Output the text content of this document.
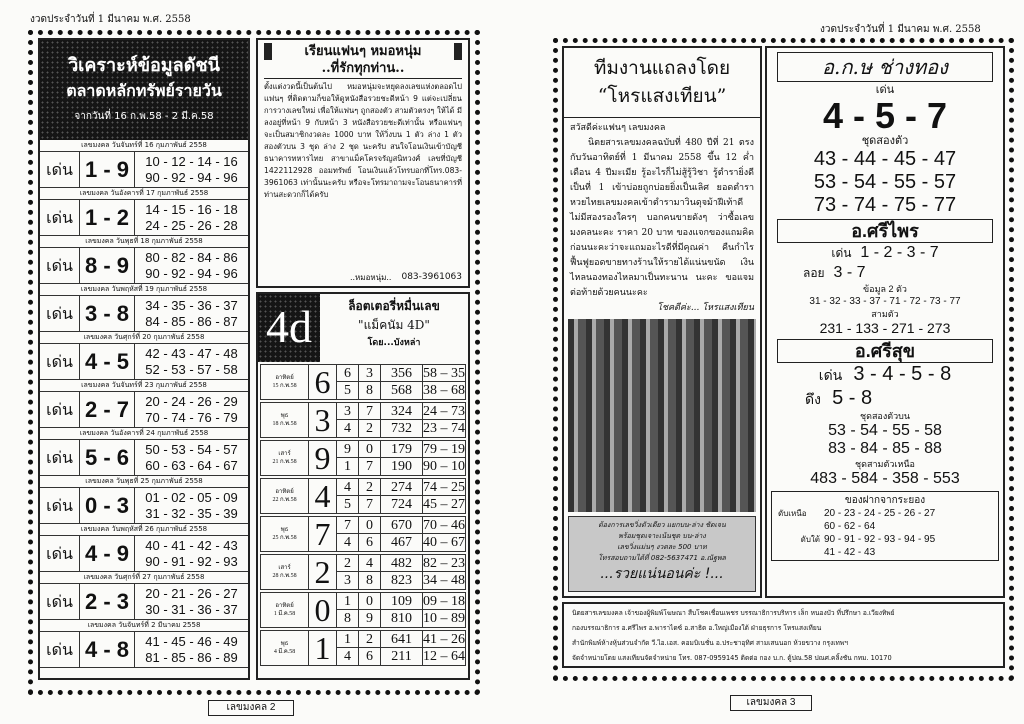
งวดประจำวันที่ 1 มีนาคม พ.ศ. 2558
วิเคราะห์ข้อมูลดัชนี
ตลาดหลักทรัพย์รายวัน
จากวันที่ 16 ก.พ.58 - 2 มี.ค.58
เลขมงคล วันจันทร์ที่ 16 กุมภาพันธ์ 2558
เด่น 1 - 9	10 - 12 - 14 - 16
90 - 92 - 94 - 96
เลขมงคล วันอังคารที่ 17 กุมภาพันธ์ 2558
เด่น 1 - 2	14 - 15 - 16 - 18
24 - 25 - 26 - 28
เลขมงคล วันพุธที่ 18 กุมภาพันธ์ 2558
เด่น 8 - 9	80 - 82 - 84 - 86
90 - 92 - 94 - 96
เลขมงคล วันพฤหัสที่ 19 กุมภาพันธ์ 2558
เด่น 3 - 8	34 - 35 - 36 - 37
84 - 85 - 86 - 87
เลขมงคล วันศุกร์ที่ 20 กุมภาพันธ์ 2558
เด่น 4 - 5	42 - 43 - 47 - 48
52 - 53 - 57 - 58
เลขมงคล วันจันทร์ที่ 23 กุมภาพันธ์ 2558
เด่น 2 - 7	20 - 24 - 26 - 29
70 - 74 - 76 - 79
เลขมงคล วันอังคารที่ 24 กุมภาพันธ์ 2558
เด่น 5 - 6	50 - 53 - 54 - 57
60 - 63 - 64 - 67
เลขมงคล วันพุธที่ 25 กุมภาพันธ์ 2558
เด่น 0 - 3	01 - 02 - 05 - 09
31 - 32 - 35 - 39
เลขมงคล วันพฤหัสที่ 26 กุมภาพันธ์ 2558
เด่น 4 - 9	40 - 41 - 42 - 43
90 - 91 - 92 - 93
เลขมงคล วันศุกร์ที่ 27 กุมภาพันธ์ 2558
เด่น 2 - 3	20 - 21 - 26 - 27
30 - 31 - 36 - 37
เลขมงคล วันจันทร์ที่ 2 มีนาคม 2558
เด่น 4 - 8	41 - 45 - 46 - 49
81 - 85 - 86 - 89
เรียนแฟนๆ หมอหนุ่ม
..ที่รักทุกท่าน..
ตั้งแต่งวดนี้เป็นต้นไป หมอหนุ่มจะหยุดลงเลขแห่งตลอดไป แฟนๆ ที่ติดตามก็ขอให้ดูหนังสือรวยชะดีหน้า 9 แต่จะเปลี่ยนการวางเลขใหม่ เพื่อให้แฟนๆ ถูกสองตัว สามตัวตรงๆ ให้ได้ มีลงอยู่ที่หน้า 9 กับหน้า 3 หนังสือรวยชะดีเท่านั้น หรือแฟนๆ จะเป็นสมาชิกงวดละ 1000 บาท ให้วิ่งบน 1 ตัว ล่าง 1 ตัว สองตัวบน 3 ชุด ล่าง 2 ชุด นะครับ สนใจโอนเงินเข้าบัญชีธนาคารทหารไทย สาขาแม็คโครจรัญสนิทวงศ์ เลขที่บัญชี 1422112928 ออมทรัพย์ โอนเงินแล้วโทรบอกที่โทร.083-3961063 เท่านั้นนะครับ หรือจะโทรมาถามจะโอนธนาคารที่ท่านสะดวกก็ได้ครับ
..หมอหนุ่ม.. 083-3961063
4d	ล็อตเตอรี่หมื่นเลข
"แม็คนัม 4D"
โดย...บังหล่า
อาทิตย์
15 ก.พ.58 6 6	3	356 58 – 35
5	8	568 38 – 68
พุธ
18 ก.พ.58 3 3	7	324 24 – 73
4	2	732 23 – 74
เสาร์
21 ก.พ.58 9 9	0	179 79 – 19
1	7	190 90 – 10
อาทิตย์
22 ก.พ.58 4 4	2	274 74 – 25
5	7	724 45 – 27
พุธ
25 ก.พ.58 7 7	0	670 70 – 46
4	6	467 40 – 67
เสาร์
28 ก.พ.58 2 2	4	482 82 – 23
3	8	823 34 – 48
อาทิตย์
1 มี.ค.58 0 1	0	109 09 – 18
8	9	810 10 – 89
พุธ
4 มี.ค.58 1 1	2	641 41 – 26
4	6	211 12 – 64
เลขมงคล 2
งวดประจำวันที่ 1 มีนาคม พ.ศ. 2558
ทีมงานแถลงโดย
“โหรแสงเทียน”
สวัสดีค่ะแฟนๆ เลขมงคล
นิตยสารเลขมงคลฉบับที่ 480 ปีที่ 21 ตรงกับวันอาทิตย์ที่ 1 มีนาคม 2558 ขึ้น 12 ค่ำ เดือน 4 ปีมะเมีย รู้อะไรก็ไม่สู้รู้วิชา รู้ตำรายิ่งดีเป็นที่ 1 เข้าบ่อยถูกบ่อยยิ่งเป็นเลิศ ยอดตำราหวยไทยเลขมงคลเข้าตำรามาวินดุจม้าฝีเท้าดีไม่มีสองรองใครๆ บอกคนขายดังๆ ว่าซื้อเลขมงคลนะคะ ราคา 20 บาท ของแจกของแถมคิดก่อนนะคะว่าจะแถมอะไรดีที่มีคุณค่า คืนกำไรฟื้นฟูยอดขายทางร้านให้รายได้แน่นขนัด เงินไหลนองทองไหลมาเป็นทะนาน นะคะ ขอแจมต่อท้ายด้วยคนนะคะ
โชคดีค่ะ... โหรแสงเทียน
ต้องการเลขวิ่งตัวเดียว แยกบน-ล่าง ชัดเจน
พร้อมชุดเจาะเน้นชุด บน-ล่าง
เลขวิ่งแม่นๆ งวดละ 500 บาท
โทรสอบถามได้ที่ 082-5637471 อ.ณัฐพล
...รวยแน่นอนค่ะ !...
อ.ก.ษ ช่างทอง
เด่น
4 - 5 - 7
ชุดสองตัว
43 - 44 - 45 - 47
53 - 54 - 55 - 57
73 - 74 - 75 - 77
อ.ศรีไพร
เด่น 1 - 2 - 3 - 7
ลอย 3 - 7
ข้อมูล 2 ตัว
31 - 32 - 33 - 37 - 71 - 72 - 73 - 77
สามตัว
231 - 133 - 271 - 273
อ.ศรีสุข
เด่น 3 - 4 - 5 - 8
ดึง 5 - 8
ชุดสองตัวบน
53 - 54 - 55 - 58
83 - 84 - 85 - 88
ชุดสามตัวเหนือ
483 - 584 - 358 - 553
ของฝากจากระยอง
ดับเหนือ 20 - 23 - 24 - 25 - 26 - 27
60 - 62 - 64
ดับใต้ 90 - 91 - 92 - 93 - 94 - 95
41 - 42 - 43
นิตยสารเลขมงคล เจ้าของผู้พิมพ์โฆษณา สืบโชคเชื่อนเพชร บรรณาธิการบริหาร เล็ก หนองบัว ที่ปรึกษา อ.เวียงทิพย์
กองบรรณาธิการ อ.ศรีไพร อ.พาราไดซ์ อ.สาธิต อ.ใหญ่เมืองใต้ ฝ่ายธุรการ โหรแสงเทียน
สำนักพิมพ์ห้างหุ้นส่วนจำกัด วี.ไอ.เอส. คอมบิเนชั่น อ.ประชาอุทิศ สามเสนนอก ห้วยขวาง กรุงเทพฯ
จัดจำหน่ายโดย แสงเทียนจัดจำหน่าย โทร. 087-0959145 ติดต่อ กอง บ.ก. ตู้ปณ.58 ปณศ.คลิ้งชัน กทม. 10170
เลขมงคล 3
